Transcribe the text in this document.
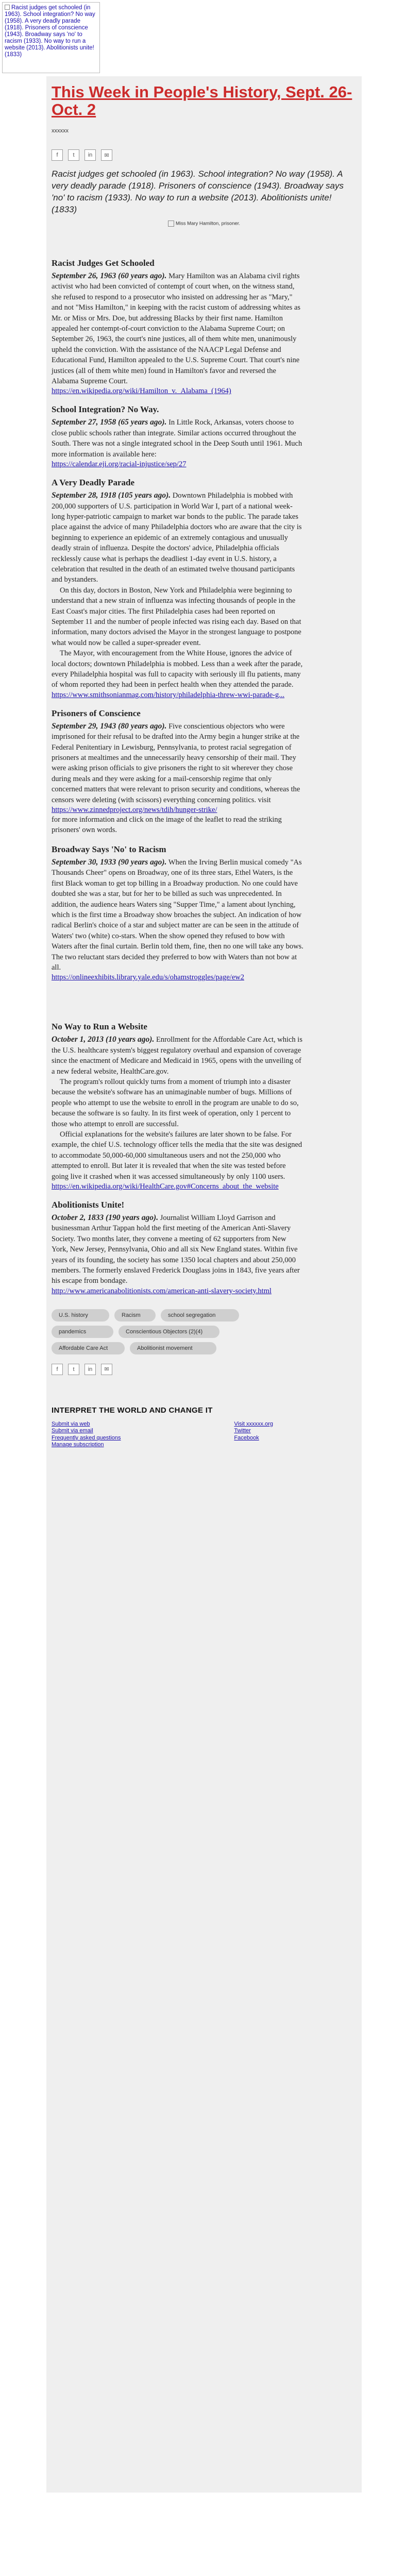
Racist judges get schooled (in 1963). School integration? No way (1958). A very deadly parade (1918). Prisoners of conscience (1943). Broadway says 'no' to racism (1933). No way to run a website (2013). Abolitionists unite! (1833)
This Week in People's History, Sept. 26-Oct. 2
xxxxxx
f	t	in	✉

Racist judges get schooled (in 1963). School integration? No way (1958). A very deadly parade (1918). Prisoners of conscience (1943). Broadway says 'no' to racism (1933). No way to run a website (2013). Abolitionists unite! (1833)

Miss Mary Hamilton, prisoner.
Racist Judges Get Schooled

September 26, 1963 (60 years ago). Mary Hamilton was an Alabama civil rights activist who had been convicted of contempt of court when, on the witness stand, she refused to respond to a prosecutor who insisted on addressing her as "Mary," and not "Miss Hamilton," in keeping with the racist custom of addressing whites as Mr. or Miss or Mrs. Doe, but addressing Blacks by their first name. Hamilton appealed her contempt-of-court conviction to the Alabama Supreme Court; on September 26, 1963, the court's nine justices, all of them white men, unanimously upheld the conviction. With the assistance of the NAACP Legal Defense and Educational Fund, Hamilton appealed to the U.S. Supreme Court. That court's nine justices (all of them white men) found in Hamilton's favor and reversed the Alabama Supreme Court.

https://en.wikipedia.org/wiki/Hamilton_v._Alabama_(1964)
School Integration? No Way.

September 27, 1958 (65 years ago). In Little Rock, Arkansas, voters choose to close public schools rather than integrate. Similar actions occurred throughout the South. There was not a single integrated school in the Deep South until 1961. Much more information is available here:

https://calendar.eji.org/racial-injustice/sep/27
A Very Deadly Parade

September 28, 1918 (105 years ago). Downtown Philadelphia is mobbed with 200,000 supporters of U.S. participation in World War I, part of a national week-long hyper-patriotic campaign to market war bonds to the public. The parade takes place against the advice of many Philadelphia doctors who are aware that the city is beginning to experience an epidemic of an extremely contagious and unusually deadly strain of influenza. Despite the doctors' advice, Philadelphia officials recklessly cause what is perhaps the deadliest 1-day event in U.S. history, a celebration that resulted in the death of an estimated twelve thousand participants and bystanders.

On this day, doctors in Boston, New York and Philadelphia were beginning to understand that a new strain of influenza was infecting thousands of people in the East Coast's major cities. The first Philadelphia cases had been reported on September 11 and the number of people infected was rising each day. Based on that information, many doctors advised the Mayor in the strongest language to postpone what would now be called a super-spreader event.

The Mayor, with encouragement from the White House, ignores the advice of local doctors; downtown Philadelphia is mobbed. Less than a week after the parade, every Philadelphia hospital was full to capacity with seriously ill flu patients, many of whom reported they had been in perfect health when they attended the parade.

https://www.smithsonianmag.com/history/philadelphia-threw-wwi-parade-g...
Prisoners of Conscience

September 29, 1943 (80 years ago). Five conscientious objectors who were imprisoned for their refusal to be drafted into the Army begin a hunger strike at the Federal Penitentiary in Lewisburg, Pennsylvania, to protest racial segregation of prisoners at mealtimes and the unnecessarily heavy censorship of their mail. They were asking prison officials to give prisoners the right to sit wherever they chose during meals and they were asking for a mail-censorship regime that only concerned matters that were relevant to prison security and conditions, whereas the censors were deleting (with scissors) everything concerning politics. visit

https://www.zinnedproject.org/news/tdih/hunger-strike/

for more information and click on the image of the leaflet to read the striking prisoners' own words.

Broadway Says 'No' to Racism

September 30, 1933 (90 years ago). When the Irving Berlin musical comedy "As Thousands Cheer" opens on Broadway, one of its three stars, Ethel Waters, is the first Black woman to get top billing in a Broadway production. No one could have doubted she was a star, but for her to be billed as such was unprecedented. In addition, the audience hears Waters sing "Supper Time," a lament about lynching, which is the first time a Broadway show broaches the subject. An indication of how radical Berlin's choice of a star and subject matter are can be seen in the attitude of Waters' two (white) co-stars. When the show opened they refused to bow with Waters after the final curtain. Berlin told them, fine, then no one will take any bows. The two reluctant stars decided they preferred to bow with Waters than not bow at all.

https://onlineexhibits.library.yale.edu/s/ohamstroggles/page/ew2
No Way to Run a Website

October 1, 2013 (10 years ago). Enrollment for the Affordable Care Act, which is the U.S. healthcare system's biggest regulatory overhaul and expansion of coverage since the enactment of Medicare and Medicaid in 1965, opens with the unveiling of a new federal website, HealthCare.gov.

The program's rollout quickly turns from a moment of triumph into a disaster because the website's software has an unimaginable number of bugs. Millions of people who attempt to use the website to enroll in the program are unable to do so, because the software is so faulty. In its first week of operation, only 1 percent to those who attempt to enroll are successful.

Official explanations for the website's failures are later shown to be false. For example, the chief U.S. technology officer tells the media that the site was designed to accommodate 50,000-60,000 simultaneous users and not the 250,000 who attempted to enroll. But later it is revealed that when the site was tested before going live it crashed when it was accessed simultaneously by only 1100 users.

https://en.wikipedia.org/wiki/HealthCare.gov#Concerns_about_the_website
Abolitionists Unite!

October 2, 1833 (190 years ago). Journalist William Lloyd Garrison and businessman Arthur Tappan hold the first meeting of the American Anti-Slavery Society. Two months later, they convene a meeting of 62 supporters from New York, New Jersey, Pennsylvania, Ohio and all six New England states. Within five years of its founding, the society has some 1350 local chapters and about 250,000 members. The formerly enslaved Frederick Douglass joins in 1843, five years after his escape from bondage.

http://www.americanabolitionists.com/american-anti-slavery-society.html
U.S. history	Racism	school segregation
pandemics	Conscientious Objectors (2)(4)
Affordable Care Act	Abolitionist movement
f	t	in	✉
INTERPRET THE WORLD AND CHANGE IT
Submit via web
Submit via email
Frequently asked questions
Manage subscription
Visit xxxxxx.org
Twitter
Facebook
